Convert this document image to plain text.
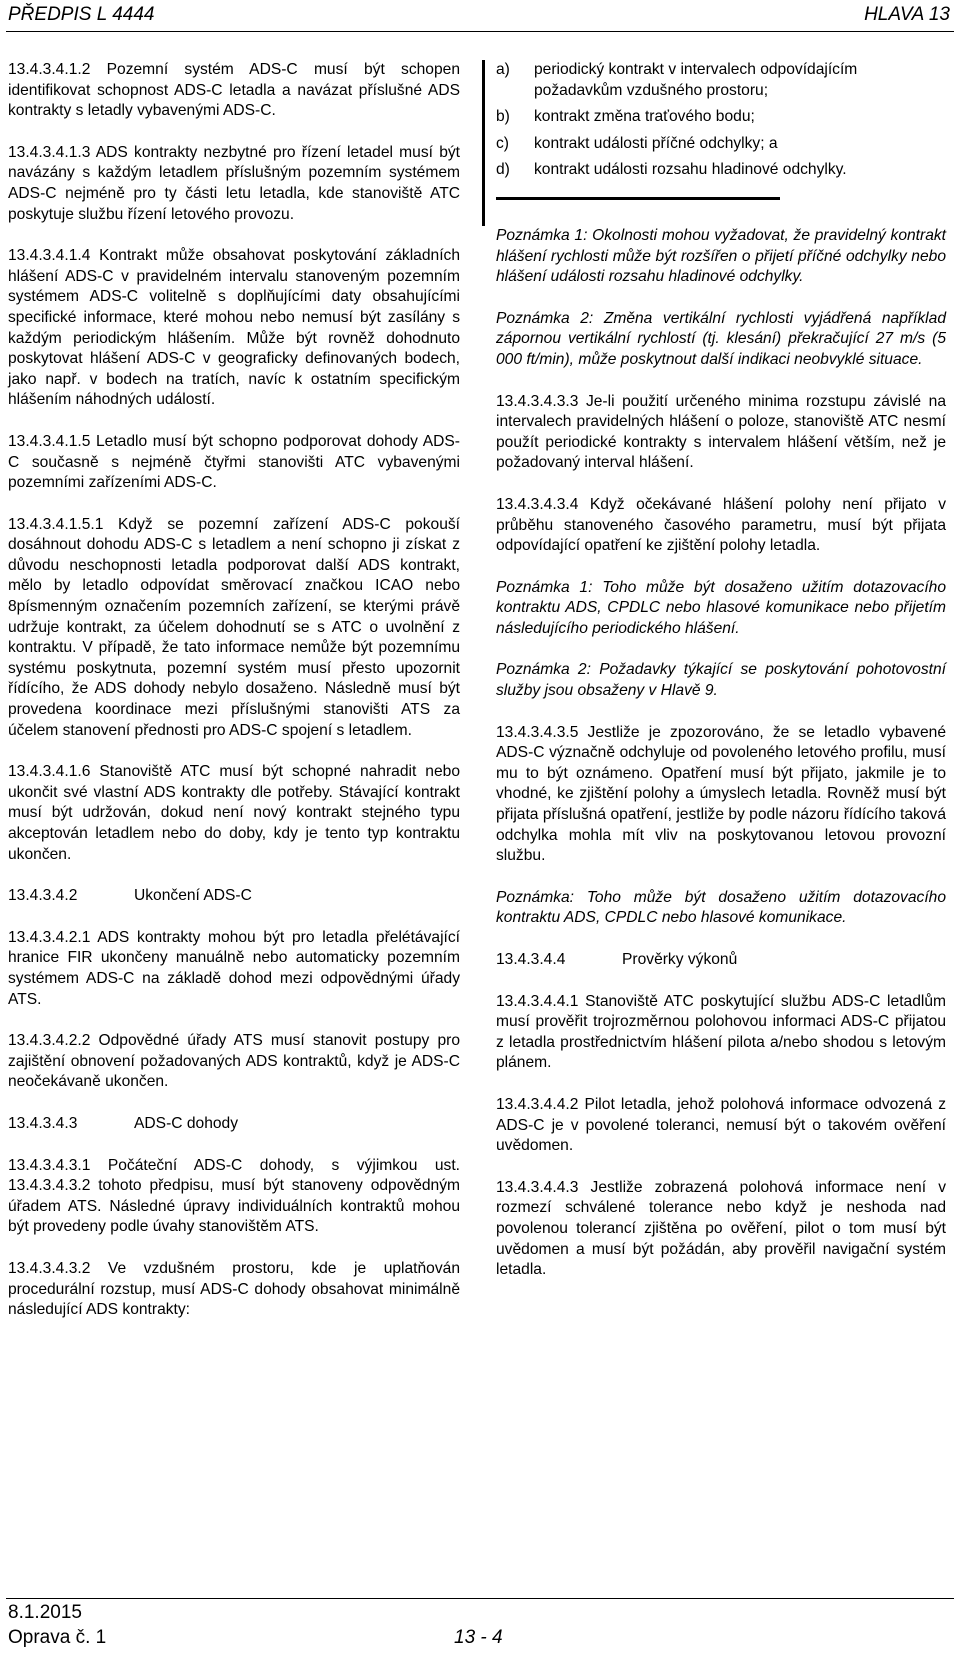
PŘEDPIS L 4444	HLAVA 13

13.4.3.4.1.2 Pozemní systém ADS-C musí být schopen identifikovat schopnost ADS-C letadla a navázat příslušné ADS kontrakty s letadly vybavenými ADS-C.

13.4.3.4.1.3 ADS kontrakty nezbytné pro řízení letadel musí být navázány s každým letadlem příslušným pozemním systémem ADS-C nejméně pro ty části letu letadla, kde stanoviště ATC poskytuje službu řízení letového provozu.

13.4.3.4.1.4 Kontrakt může obsahovat poskytování základních hlášení ADS-C v pravidelném intervalu stanoveným pozemním systémem ADS-C volitelně s doplňujícími daty obsahujícími specifické informace, které mohou nebo nemusí být zasílány s každým periodickým hlášením. Může být rovněž dohodnuto poskytovat hlášení ADS-C v geograficky definovaných bodech, jako např. v bodech na tratích, navíc k ostatním specifickým hlášením náhodných událostí.

13.4.3.4.1.5 Letadlo musí být schopno podporovat dohody ADS-C současně s nejméně čtyřmi stanovišti ATC vybavenými pozemními zařízeními ADS-C.

13.4.3.4.1.5.1 Když se pozemní zařízení ADS-C pokouší dosáhnout dohodu ADS-C s letadlem a není schopno ji získat z důvodu neschopnosti letadla podporovat další ADS kontrakt, mělo by letadlo odpovídat směrovací značkou ICAO nebo 8písmenným označením pozemních zařízení, se kterými právě udržuje kontrakt, za účelem dohodnutí se s ATC o uvolnění z kontraktu. V případě, že tato informace nemůže být pozemnímu systému poskytnuta, pozemní systém musí přesto upozornit řídícího, že ADS dohody nebylo dosaženo. Následně musí být provedena koordinace mezi příslušnými stanovišti ATS za účelem stanovení přednosti pro ADS-C spojení s letadlem.

13.4.3.4.1.6 Stanoviště ATC musí být schopné nahradit nebo ukončit své vlastní ADS kontrakty dle potřeby. Stávající kontrakt musí být udržován, dokud není nový kontrakt stejného typu akceptován letadlem nebo do doby, kdy je tento typ kontraktu ukončen.

13.4.3.4.2	Ukončení ADS-C

13.4.3.4.2.1 ADS kontrakty mohou být pro letadla přelétávající hranice FIR ukončeny manuálně nebo automaticky pozemním systémem ADS-C na základě dohod mezi odpovědnými úřady ATS.

13.4.3.4.2.2 Odpovědné úřady ATS musí stanovit postupy pro zajištění obnovení požadovaných ADS kontraktů, když je ADS-C neočekávaně ukončen.

13.4.3.4.3	ADS-C dohody

13.4.3.4.3.1 Počáteční ADS-C dohody, s výjimkou ust. 13.4.3.4.3.2 tohoto předpisu, musí být stanoveny odpovědným úřadem ATS. Následné úpravy individuálních kontraktů mohou být provedeny podle úvahy stanovištěm ATS.

13.4.3.4.3.2 Ve vzdušném prostoru, kde je uplatňován procedurální rozstup, musí ADS-C dohody obsahovat minimálně následující ADS kontrakty:

a)	periodický kontrakt v intervalech odpovídajícím požadavkům vzdušného prostoru;
b)	kontrakt změna traťového bodu;
c)	kontrakt události příčné odchylky; a
d)	kontrakt události rozsahu hladinové odchylky.

Poznámka 1: Okolnosti mohou vyžadovat, že pravidelný kontrakt hlášení rychlosti může být rozšířen o přijetí příčné odchylky nebo hlášení události rozsahu hladinové odchylky.

Poznámka 2: Změna vertikální rychlosti vyjádřená například zápornou vertikální rychlostí (tj. klesání) překračující 27 m/s (5 000 ft/min), může poskytnout další indikaci neobvyklé situace.

13.4.3.4.3.3 Je-li použití určeného minima rozstupu závislé na intervalech pravidelných hlášení o poloze, stanoviště ATC nesmí použít periodické kontrakty s intervalem hlášení větším, než je požadovaný interval hlášení.

13.4.3.4.3.4 Když očekávané hlášení polohy není přijato v průběhu stanoveného časového parametru, musí být přijata odpovídající opatření ke zjištění polohy letadla.

Poznámka 1: Toho může být dosaženo užitím dotazovacího kontraktu ADS, CPDLC nebo hlasové komunikace nebo přijetím následujícího periodického hlášení.

Poznámka 2: Požadavky týkající se poskytování pohotovostní služby jsou obsaženy v Hlavě 9.

13.4.3.4.3.5 Jestliže je zpozorováno, že se letadlo vybavené ADS-C význačně odchyluje od povoleného letového profilu, musí mu to být oznámeno. Opatření musí být přijato, jakmile je to vhodné, ke zjištění polohy a úmyslech letadla. Rovněž musí být přijata příslušná opatření, jestliže by podle názoru řídícího taková odchylka mohla mít vliv na poskytovanou letovou provozní službu.

Poznámka: Toho může být dosaženo užitím dotazovacího kontraktu ADS, CPDLC nebo hlasové komunikace.

13.4.3.4.4	Prověrky výkonů

13.4.3.4.4.1 Stanoviště ATC poskytující službu ADS-C letadlům musí prověřit trojrozměrnou polohovou informaci ADS-C přijatou z letadla prostřednictvím hlášení pilota a/nebo shodou s letovým plánem.

13.4.3.4.4.2 Pilot letadla, jehož polohová informace odvozená z ADS-C je v povolené toleranci, nemusí být o takovém ověření uvědomen.

13.4.3.4.4.3 Jestliže zobrazená polohová informace není v rozmezí schválené tolerance nebo když je neshoda nad povolenou tolerancí zjištěna po ověření, pilot o tom musí být uvědomen a musí být požádán, aby prověřil navigační systém letadla.

8.1.2015
Oprava č. 1	13 - 4
